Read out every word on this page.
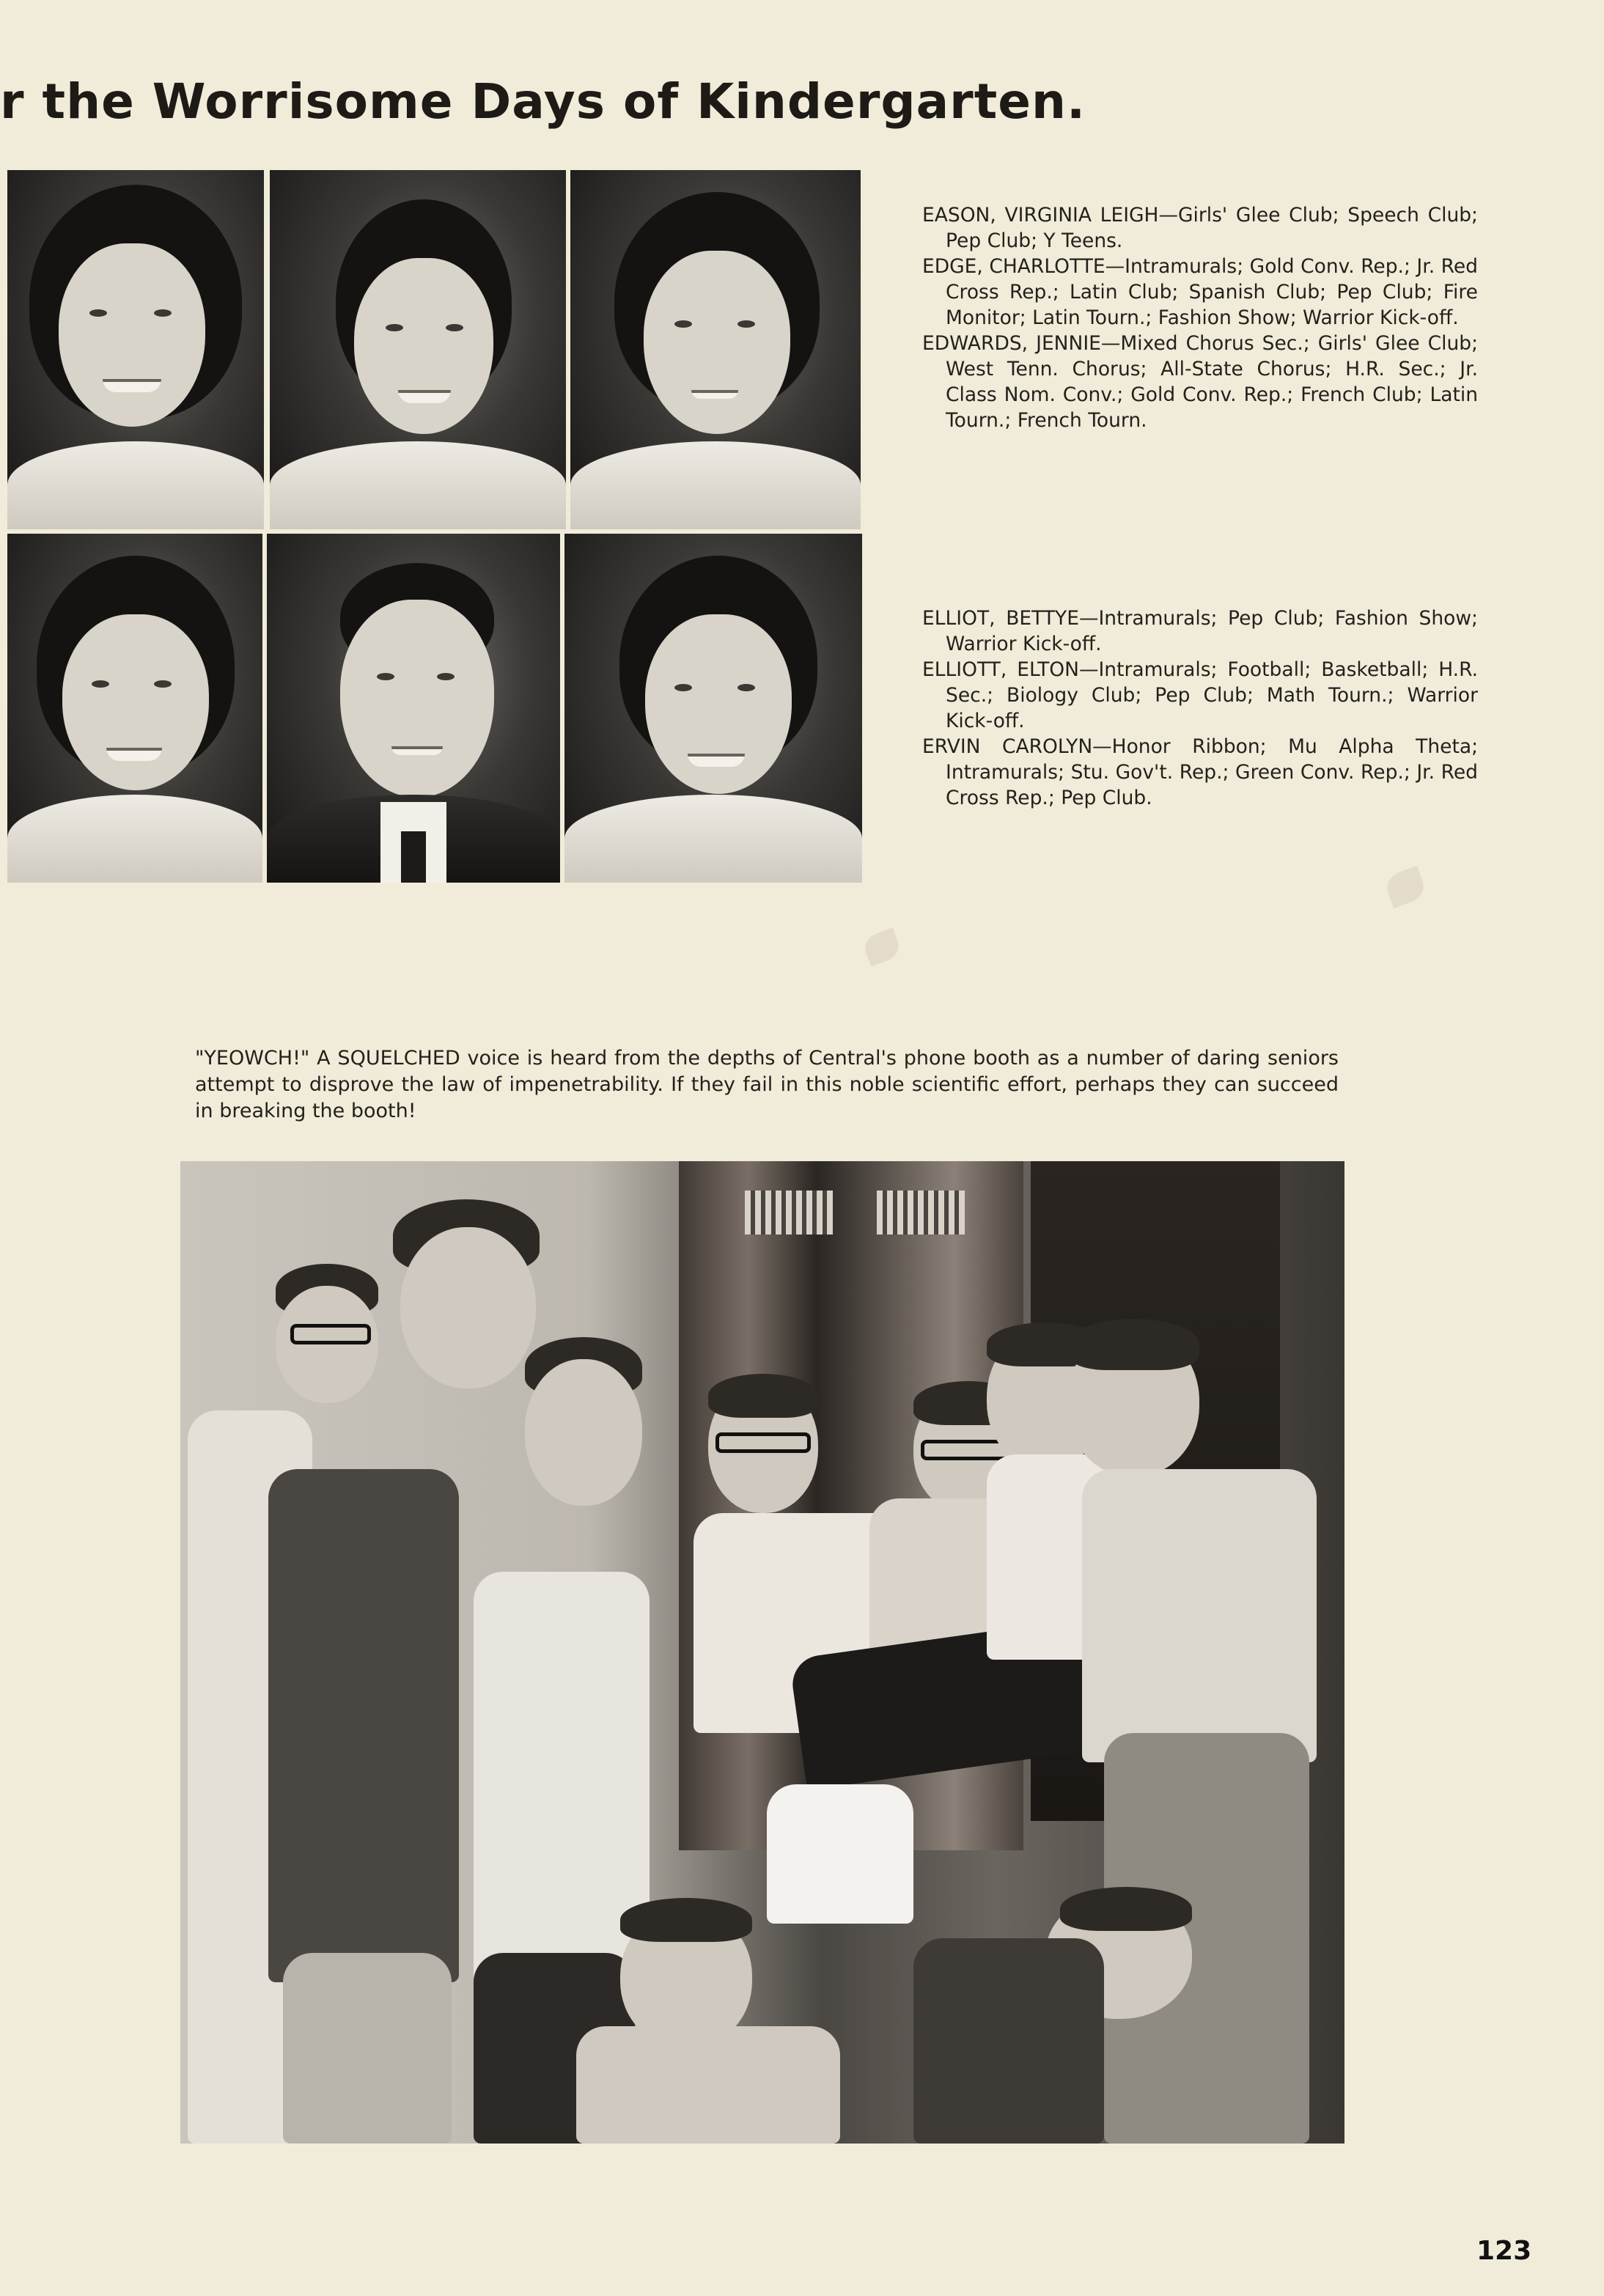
r the Worrisome Days of Kindergarten.
EASON, VIRGINIA LEIGH—Girls' Glee Club; Speech Club; Pep Club; Y Teens.
EDGE, CHARLOTTE—Intramurals; Gold Conv. Rep.; Jr. Red Cross Rep.; Latin Club; Spanish Club; Pep Club; Fire Monitor; Latin Tourn.; Fashion Show; Warrior Kick-off.
EDWARDS, JENNIE—Mixed Chorus Sec.; Girls' Glee Club; West Tenn. Chorus; All-State Chorus; H.R. Sec.; Jr. Class Nom. Conv.; Gold Conv. Rep.; French Club; Latin Tourn.; French Tourn.
ELLIOT, BETTYE—Intramurals; Pep Club; Fashion Show; Warrior Kick-off.
ELLIOTT, ELTON—Intramurals; Football; Basketball; H.R. Sec.; Biology Club; Pep Club; Math Tourn.; Warrior Kick-off.
ERVIN CAROLYN—Honor Ribbon; Mu Alpha Theta; Intramurals; Stu. Gov't. Rep.; Green Conv. Rep.; Jr. Red Cross Rep.; Pep Club.
"YEOWCH!" A SQUELCHED voice is heard from the depths of Central's phone booth as a number of daring seniors attempt to disprove the law of impenetrability. If they fail in this noble scientific effort, perhaps they can succeed in breaking the booth!
123
